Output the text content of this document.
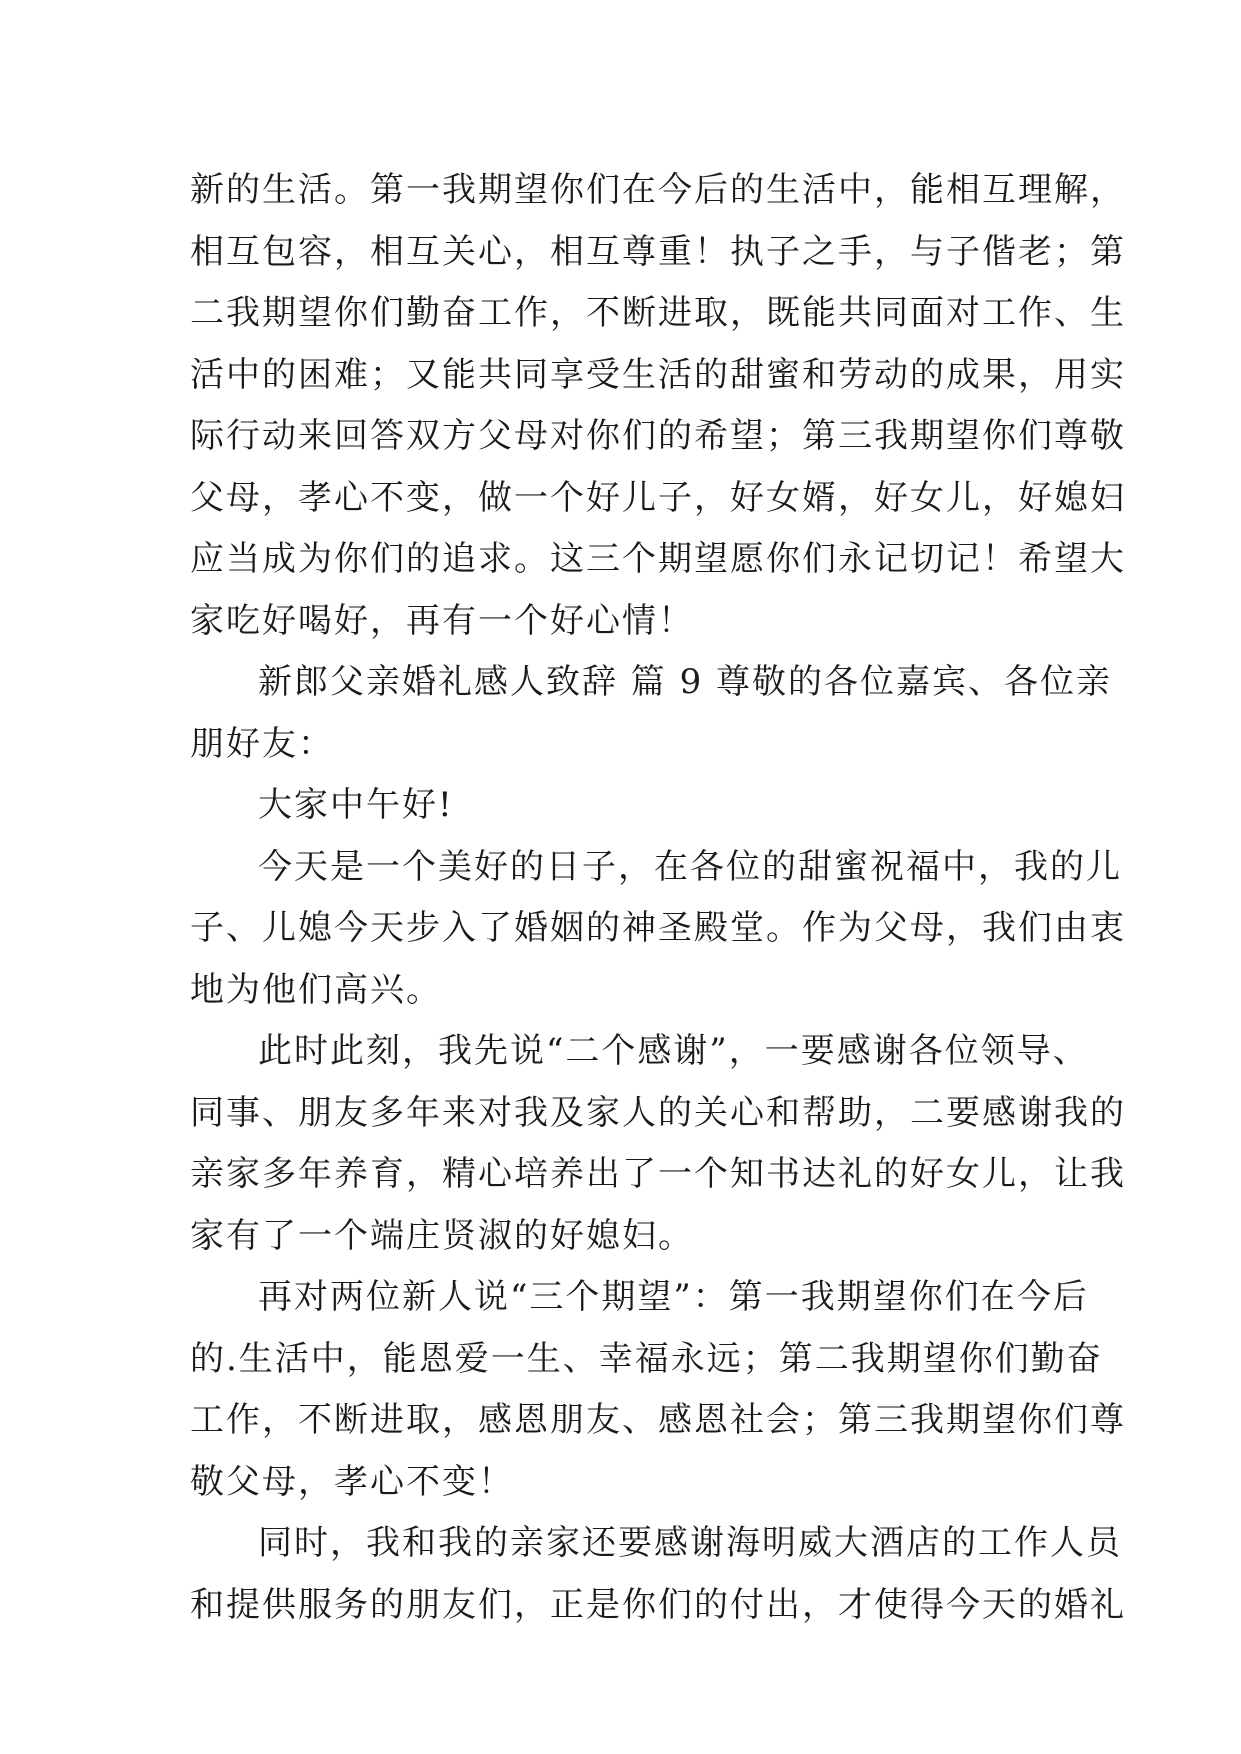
新的生活。第一我期望你们在今后的生活中，能相互理解，
相互包容，相互关心，相互尊重！执子之手，与子偕老；第
二我期望你们勤奋工作，不断进取，既能共同面对工作、生
活中的困难；又能共同享受生活的甜蜜和劳动的成果，用实
际行动来回答双方父母对你们的希望；第三我期望你们尊敬
父母，孝心不变，做一个好儿子，好女婿，好女儿，好媳妇
应当成为你们的追求。这三个期望愿你们永记切记！希望大
家吃好喝好，再有一个好心情！
新郎父亲婚礼感人致辞 篇 9 尊敬的各位嘉宾、各位亲
朋好友：
大家中午好!
今天是一个美好的日子，在各位的甜蜜祝福中，我的儿
子、儿媳今天步入了婚姻的神圣殿堂。作为父母，我们由衷
地为他们高兴。
此时此刻，我先说“二个感谢”，一要感谢各位领导、
同事、朋友多年来对我及家人的关心和帮助，二要感谢我的
亲家多年养育，精心培养出了一个知书达礼的好女儿，让我
家有了一个端庄贤淑的好媳妇。
再对两位新人说“三个期望”：第一我期望你们在今后
的.生活中，能恩爱一生、幸福永远；第二我期望你们勤奋
工作，不断进取，感恩朋友、感恩社会；第三我期望你们尊
敬父母，孝心不变！
同时，我和我的亲家还要感谢海明威大酒店的工作人员
和提供服务的朋友们，正是你们的付出，才使得今天的婚礼
